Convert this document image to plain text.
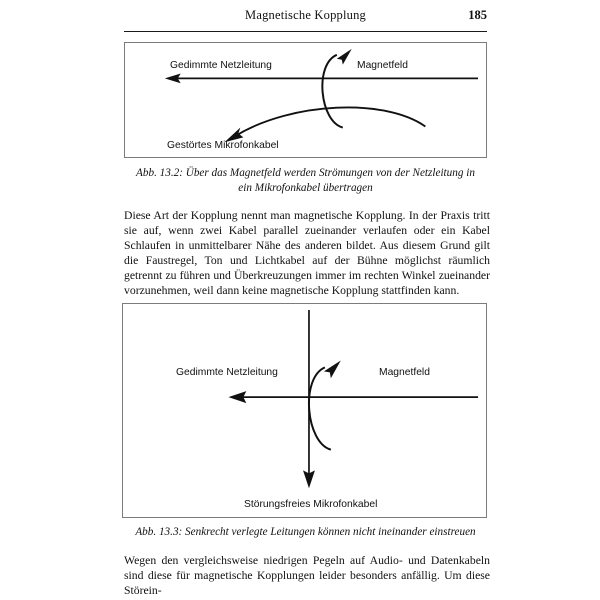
Magnetische Kopplung	185
Gedimmte Netzleitung	Magnetfeld
Gestörtes Mikrofonkabel
Abb. 13.2: Über das Magnetfeld werden Strömungen von der Netzleitung in
ein Mikrofonkabel übertragen
Diese Art der Kopplung nennt man magnetische Kopplung. In der Praxis tritt sie auf, wenn zwei Kabel parallel zueinander verlaufen oder ein Kabel Schlaufen in unmittelbarer Nähe des anderen bildet. Aus diesem Grund gilt die Faustregel, Ton und Lichtkabel auf der Bühne möglichst räumlich getrennt zu führen und Überkreuzungen immer im rechten Winkel zueinander vorzunehmen, weil dann keine magnetische Kopplung stattfinden kann.
Gedimmte Netzleitung	Magnetfeld
Störungsfreies Mikrofonkabel
Abb. 13.3: Senkrecht verlegte Leitungen können nicht ineinander einstreuen
Wegen den vergleichsweise niedrigen Pegeln auf Audio- und Datenkabeln sind diese für magnetische Kopplungen leider besonders anfällig. Um diese Störein-
